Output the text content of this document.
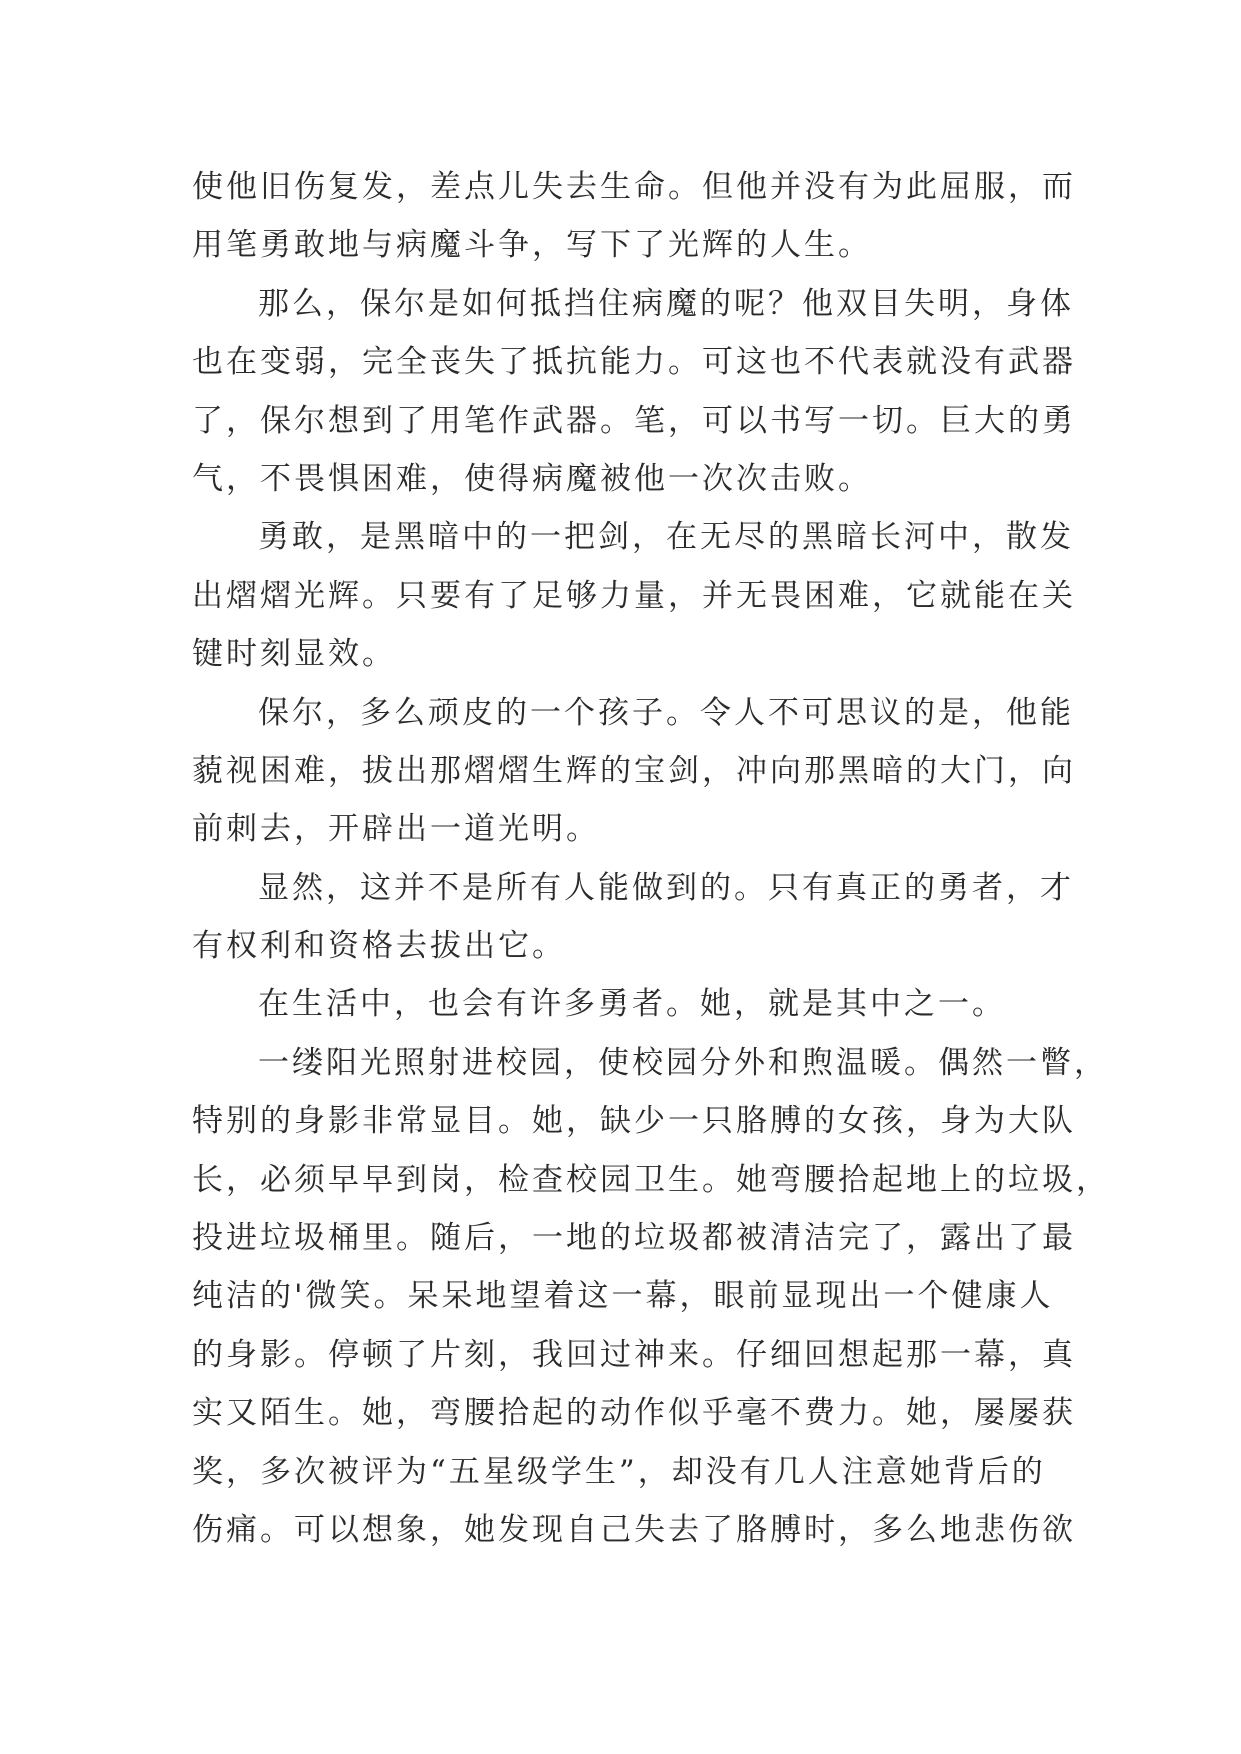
使他旧伤复发，差点儿失去生命。但他并没有为此屈服，而
用笔勇敢地与病魔斗争，写下了光辉的人生。
那么，保尔是如何抵挡住病魔的呢？他双目失明，身体
也在变弱，完全丧失了抵抗能力。可这也不代表就没有武器
了，保尔想到了用笔作武器。笔，可以书写一切。巨大的勇
气，不畏惧困难，使得病魔被他一次次击败。
勇敢，是黑暗中的一把剑，在无尽的黑暗长河中，散发
出熠熠光辉。只要有了足够力量，并无畏困难，它就能在关
键时刻显效。
保尔，多么顽皮的一个孩子。令人不可思议的是，他能
藐视困难，拔出那熠熠生辉的宝剑，冲向那黑暗的大门，向
前刺去，开辟出一道光明。
显然，这并不是所有人能做到的。只有真正的勇者，才
有权利和资格去拔出它。
在生活中，也会有许多勇者。她，就是其中之一。
一缕阳光照射进校园，使校园分外和煦温暖。偶然一瞥，
特别的身影非常显目。她，缺少一只胳膊的女孩，身为大队
长，必须早早到岗，检查校园卫生。她弯腰拾起地上的垃圾，
投进垃圾桶里。随后，一地的垃圾都被清洁完了，露出了最
纯洁的'微笑。呆呆地望着这一幕，眼前显现出一个健康人
的身影。停顿了片刻，我回过神来。仔细回想起那一幕，真
实又陌生。她，弯腰拾起的动作似乎毫不费力。她，屡屡获
奖，多次被评为“五星级学生”，却没有几人注意她背后的
伤痛。可以想象，她发现自己失去了胳膊时，多么地悲伤欲
